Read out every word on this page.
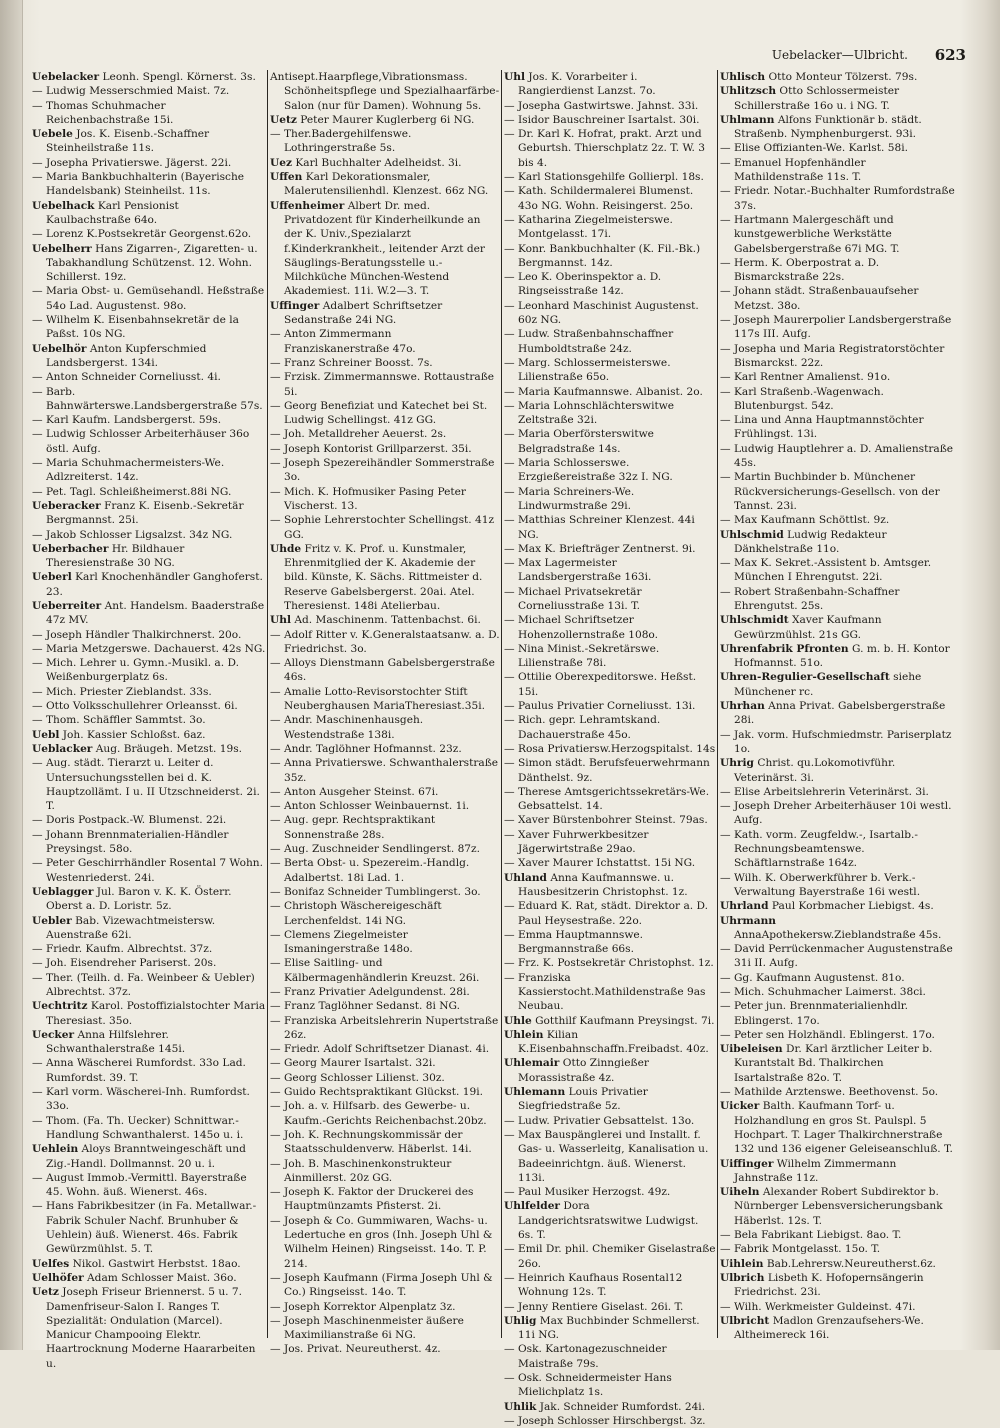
Uebelacker—Ulbricht. 623

Uebelacker Leonh. Spengl. Körnerst. 3s.

— Ludwig Messerschmied Maist. 7z.

— Thomas Schuhmacher Reichenbachstraße 15i.

Uebele Jos. K. Eisenb.-Schaffner Steinheilstraße 11s.

— Josepha Privatierswe. Jägerst. 22i.

— Maria Bankbuchhalterin (Bayerische Handelsbank) Steinheilst. 11s.

Uebelhack Karl Pensionist Kaulbachstraße 64o.

— Lorenz K.Postsekretär Georgenst.62o.

Uebelherr Hans Zigarren-, Zigaretten- u. Tabakhandlung Schützenst. 12. Wohn. Schillerst. 19z.

— Maria Obst- u. Gemüsehandl. Heßstraße 54o Lad. Augustenst. 98o.

— Wilhelm K. Eisenbahnsekretär de la Paßst. 10s NG.

Uebelhör Anton Kupferschmied Landsbergerst. 134i.

— Anton Schneider Corneliusst. 4i.

— Barb. Bahnwärterswe.Landsbergerstraße 57s.

— Karl Kaufm. Landsbergerst. 59s.

— Ludwig Schlosser Arbeiterhäuser 36o östl. Aufg.

— Maria Schuhmachermeisters-We. Adlzreiterst. 14z.

— Pet. Tagl. Schleißheimerst.88i NG.

Ueberacker Franz K. Eisenb.-Sekretär Bergmannst. 25i.

— Jakob Schlosser Ligsalzst. 34z NG.

Ueberbacher Hr. Bildhauer Theresienstraße 30 NG.

Ueberl Karl Knochenhändler Ganghoferst. 23.

Ueberreiter Ant. Handelsm. Baaderstraße 47z MV.

— Joseph Händler Thalkirchnerst. 20o.

— Maria Metzgerswe. Dachauerst. 42s NG.

— Mich. Lehrer u. Gymn.-Musikl. a. D. Weißenburgerplatz 6s.

— Mich. Priester Zieblandst. 33s.

— Otto Volksschullehrer Orleansst. 6i.

— Thom. Schäffler Sammtst. 3o.

Uebl Joh. Kassier Schloßst. 6az.

Ueblacker Aug. Bräugeh. Metzst. 19s.

— Aug. städt. Tierarzt u. Leiter d. Untersuchungsstellen bei d. K. Hauptzollämt. I u. II Utzschneiderst. 2i. T.

— Doris Postpack.-W. Blumenst. 22i.

— Johann Brennmaterialien-Händler Preysingst. 58o.

— Peter Geschirrhändler Rosental 7 Wohn. Westenriederst. 24i.

Ueblagger Jul. Baron v. K. K. Österr. Oberst a. D. Loristr. 5z.

Uebler Bab. Vizewachtmeistersw. Auenstraße 62i.

— Friedr. Kaufm. Albrechtst. 37z.

— Joh. Eisendreher Pariserst. 20s.

— Ther. (Teilh. d. Fa. Weinbeer & Uebler) Albrechtst. 37z.

Uechtritz Karol. Postoffizialstochter Maria Theresiast. 35o.

Uecker Anna Hilfslehrer. Schwanthalerstraße 145i.

— Anna Wäscherei Rumfordst. 33o Lad. Rumfordst. 39. T.

— Karl vorm. Wäscherei-Inh. Rumfordst. 33o.

— Thom. (Fa. Th. Uecker) Schnittwar.-Handlung Schwanthalerst. 145o u. i.

Uehlein Aloys Branntweingeschäft und Zig.-Handl. Dollmannst. 20 u. i.

— August Immob.-Vermittl. Bayerstraße 45. Wohn. äuß. Wienerst. 46s.

— Hans Fabrikbesitzer (in Fa. Metallwar.-Fabrik Schuler Nachf. Brunhuber & Uehlein) äuß. Wienerst. 46s. Fabrik Gewürzmühlst. 5. T.

Uelfes Nikol. Gastwirt Herbstst. 18ao.

Uelhöfer Adam Schlosser Maist. 36o.

Uetz Joseph Friseur Briennerst. 5 u. 7. Damenfriseur-Salon I. Ranges T. Spezialität: Ondulation (Marcel). Manicur Champooing Elektr. Haartrocknung Moderne Haararbeiten u.

Antisept.Haarpflege,Vibrationsmass. Schönheitspflege und Spezialhaarfärbe-Salon (nur für Damen). Wohnung 5s.

Uetz Peter Maurer Kuglerberg 6i NG.

— Ther.Badergehilfenswe. Lothringerstraße 5s.

Uez Karl Buchhalter Adelheidst. 3i.

Uffen Karl Dekorationsmaler, Malerutensilienhdl. Klenzest. 66z NG.

Uffenheimer Albert Dr. med. Privatdozent für Kinderheilkunde an der K. Univ.,Spezialarzt f.Kinderkrankheit., leitender Arzt der Säuglings-Beratungsstelle u.-Milchküche München-Westend Akademiest. 11i. W.2—3. T.

Uffinger Adalbert Schriftsetzer Sedanstraße 24i NG.

— Anton Zimmermann Franziskanerstraße 47o.

— Franz Schreiner Boosst. 7s.

— Frzisk. Zimmermannswe. Rottaustraße 5i.

— Georg Benefiziat und Katechet bei St. Ludwig Schellingst. 41z GG.

— Joh. Metalldreher Aeuerst. 2s.

— Joseph Kontorist Grillparzerst. 35i.

— Joseph Spezereihändler Sommerstraße 3o.

— Mich. K. Hofmusiker Pasing Peter Vischerst. 13.

— Sophie Lehrerstochter Schellingst. 41z GG.

Uhde Fritz v. K. Prof. u. Kunstmaler, Ehrenmitglied der K. Akademie der bild. Künste, K. Sächs. Rittmeister d. Reserve Gabelsbergerst. 20ai. Atel. Theresienst. 148i Atelierbau.

Uhl Ad. Maschinenm. Tattenbachst. 6i.

— Adolf Ritter v. K.Generalstaatsanw. a. D. Friedrichst. 3o.

— Alloys Dienstmann Gabelsbergerstraße 46s.

— Amalie Lotto-Revisorstochter Stift Neuberghausen MariaTheresiast.35i.

— Andr. Maschinenhausgeh. Westendstraße 138i.

— Andr. Taglöhner Hofmannst. 23z.

— Anna Privatierswe. Schwanthalerstraße 35z.

— Anton Ausgeher Steinst. 67i.

— Anton Schlosser Weinbauernst. 1i.

— Aug. gepr. Rechtspraktikant Sonnenstraße 28s.

— Aug. Zuschneider Sendlingerst. 87z.

— Berta Obst- u. Spezereim.-Handlg. Adalbertst. 18i Lad. 1.

— Bonifaz Schneider Tumblingerst. 3o.

— Christoph Wäschereigeschäft Lerchenfeldst. 14i NG.

— Clemens Ziegelmeister Ismaningerstraße 148o.

— Elise Saitling- und Kälbermagenhändlerin Kreuzst. 26i.

— Franz Privatier Adelgundenst. 28i.

— Franz Taglöhner Sedanst. 8i NG.

— Franziska Arbeitslehrerin Nupertstraße 26z.

— Friedr. Adolf Schriftsetzer Dianast. 4i.

— Georg Maurer Isartalst. 32i.

— Georg Schlosser Lilienst. 30z.

— Guido Rechtspraktikant Glückst. 19i.

— Joh. a. v. Hilfsarb. des Gewerbe- u. Kaufm.-Gerichts Reichenbachst.20bz.

— Joh. K. Rechnungskommissär der Staatsschuldenverw. Häberlst. 14i.

— Joh. B. Maschinenkonstrukteur Ainmillerst. 20z GG.

— Joseph K. Faktor der Druckerei des Hauptmünzamts Pfisterst. 2i.

— Joseph & Co. Gummiwaren, Wachs- u. Ledertuche en gros (Inh. Joseph Uhl & Wilhelm Heinen) Ringseisst. 14o. T. P. 214.

— Joseph Kaufmann (Firma Joseph Uhl & Co.) Ringseisst. 14o. T.

— Joseph Korrektor Alpenplatz 3z.

— Joseph Maschinenmeister äußere Maximilianstraße 6i NG.

— Jos. Privat. Neureutherst. 4z.

Uhl Jos. K. Vorarbeiter i. Rangierdienst Lanzst. 7o.

— Josepha Gastwirtswe. Jahnst. 33i.

— Isidor Bauschreiner Isartalst. 30i.

— Dr. Karl K. Hofrat, prakt. Arzt und Geburtsh. Thierschplatz 2z. T. W. 3 bis 4.

— Karl Stationsgehilfe Gollierpl. 18s.

— Kath. Schildermalerei Blumenst. 43o NG. Wohn. Reisingerst. 25o.

— Katharina Ziegelmeisterswe. Montgelasst. 17i.

— Konr. Bankbuchhalter (K. Fil.-Bk.) Bergmannst. 14z.

— Leo K. Oberinspektor a. D. Ringseisstraße 14z.

— Leonhard Maschinist Augustenst. 60z NG.

— Ludw. Straßenbahnschaffner Humboldtstraße 24z.

— Marg. Schlossermeisterswe. Lilienstraße 65o.

— Maria Kaufmannswe. Albanist. 2o.

— Maria Lohnschlächterswitwe Zeltstraße 32i.

— Maria Oberförsterswitwe Belgradstraße 14s.

— Maria Schlosserswe. Erzgießereistraße 32z I. NG.

— Maria Schreiners-We. Lindwurmstraße 29i.

— Matthias Schreiner Klenzest. 44i NG.

— Max K. Briefträger Zentnerst. 9i.

— Max Lagermeister Landsbergerstraße 163i.

— Michael Privatsekretär Corneliusstraße 13i. T.

— Michael Schriftsetzer Hohenzollernstraße 108o.

— Nina Minist.-Sekretärswe. Lilienstraße 78i.

— Ottilie Oberexpeditorswe. Heßst. 15i.

— Paulus Privatier Corneliusst. 13i.

— Rich. gepr. Lehramtskand. Dachauerstraße 45o.

— Rosa Privatiersw.Herzogspitalst. 14s

— Simon städt. Berufsfeuerwehrmann Dänthelst. 9z.

— Therese Amtsgerichtssekretärs-We. Gebsattelst. 14.

— Xaver Bürstenbohrer Steinst. 79as.

— Xaver Fuhrwerkbesitzer Jägerwirtstraße 29ao.

— Xaver Maurer Ichstattst. 15i NG.

Uhland Anna Kaufmannswe. u. Hausbesitzerin Christophst. 1z.

— Eduard K. Rat, städt. Direktor a. D. Paul Heysestraße. 22o.

— Emma Hauptmannswe. Bergmannstraße 66s.

— Frz. K. Postsekretär Christophst. 1z.

— Franziska Kassierstocht.Mathildenstraße 9as Neubau.

Uhle Gotthilf Kaufmann Preysingst. 7i.

Uhlein Kilian K.Eisenbahnschaffn.Freibadst. 40z.

Uhlemair Otto Zinngießer Morassistraße 4z.

Uhlemann Louis Privatier Siegfriedstraße 5z.

— Ludw. Privatier Gebsattelst. 13o.

— Max Bauspänglerei und Installt. f. Gas- u. Wasserleitg, Kanalisation u. Badeeinrichtgn. äuß. Wienerst. 113i.

— Paul Musiker Herzogst. 49z.

Uhlfelder Dora Landgerichtsratswitwe Ludwigst. 6s. T.

— Emil Dr. phil. Chemiker Giselastraße 26o.

— Heinrich Kaufhaus Rosental12 Wohnung 12s. T.

— Jenny Rentiere Giselast. 26i. T.

Uhlig Max Buchbinder Schmellerst. 11i NG.

— Osk. Kartonagezuschneider Maistraße 79s.

— Osk. Schneidermeister Hans Mielichplatz 1s.

Uhlik Jak. Schneider Rumfordst. 24i.

— Joseph Schlosser Hirschbergst. 3z.

Uhlisch Otto Monteur Tölzerst. 79s.

Uhlitzsch Otto Schlossermeister Schillerstraße 16o u. i NG. T.

Uhlmann Alfons Funktionär b. städt. Straßenb. Nymphenburgerst. 93i.

— Elise Offizianten-We. Karlst. 58i.

— Emanuel Hopfenhändler Mathildenstraße 11s. T.

— Friedr. Notar.-Buchhalter Rumfordstraße 37s.

— Hartmann Malergeschäft und kunstgewerbliche Werkstätte Gabelsbergerstraße 67i MG. T.

— Herm. K. Oberpostrat a. D. Bismarckstraße 22s.

— Johann städt. Straßenbauaufseher Metzst. 38o.

— Joseph Maurerpolier Landsbergerstraße 117s III. Aufg.

— Josepha und Maria Registratorstöchter Bismarckst. 22z.

— Karl Rentner Amalienst. 91o.

— Karl Straßenb.-Wagenwach. Blutenburgst. 54z.

— Lina und Anna Hauptmannstöchter Frühlingst. 13i.

— Ludwig Hauptlehrer a. D. Amalienstraße 45s.

— Martin Buchbinder b. Münchener Rückversicherungs-Gesellsch. von der Tannst. 23i.

— Max Kaufmann Schöttlst. 9z.

Uhlschmid Ludwig Redakteur Dänkhelstraße 11o.

— Max K. Sekret.-Assistent b. Amtsger. München I Ehrengutst. 22i.

— Robert Straßenbahn-Schaffner Ehrengutst. 25s.

Uhlschmidt Xaver Kaufmann Gewürzmühlst. 21s GG.

Uhrenfabrik Pfronten G. m. b. H. Kontor Hofmannst. 51o.

Uhren-Regulier-Gesellschaft siehe Münchener rc.

Uhrhan Anna Privat. Gabelsbergerstraße 28i.

— Jak. vorm. Hufschmiedmstr. Pariserplatz 1o.

Uhrig Christ. qu.Lokomotivführ. Veterinärst. 3i.

— Elise Arbeitslehrerin Veterinärst. 3i.

— Joseph Dreher Arbeiterhäuser 10i westl. Aufg.

— Kath. vorm. Zeugfeldw.-, Isartalb.-Rechnungsbeamtenswe. Schäftlarnstraße 164z.

— Wilh. K. Oberwerkführer b. Verk.-Verwaltung Bayerstraße 16i westl.

Uhrland Paul Korbmacher Liebigst. 4s.

Uhrmann AnnaApothekersw.Zieblandstraße 45s.

— David Perrückenmacher Augustenstraße 31i II. Aufg.

— Gg. Kaufmann Augustenst. 81o.

— Mich. Schuhmacher Laimerst. 38ci.

— Peter jun. Brennmaterialienhdlr. Eblingerst. 17o.

— Peter sen Holzhändl. Eblingerst. 17o.

Uibeleisen Dr. Karl ärztlicher Leiter b. Kurantstalt Bd. Thalkirchen Isartalstraße 82o. T.

— Mathilde Arztenswe. Beethovenst. 5o.

Uicker Balth. Kaufmann Torf- u. Holzhandlung en gros St. Paulspl. 5 Hochpart. T. Lager Thalkirchnerstraße 132 und 136 eigener Geleiseanschluß. T.

Uiffinger Wilhelm Zimmermann Jahnstraße 11z.

Uiheln Alexander Robert Subdirektor b. Nürnberger Lebensversicherungsbank Häberlst. 12s. T.

— Bela Fabrikant Liebigst. 8ao. T.

— Fabrik Montgelasst. 15o. T.

Uihlein Bab.Lehrersw.Neureutherst.6z.

Ulbrich Lisbeth K. Hofopernsängerin Friedrichst. 23i.

— Wilh. Werkmeister Guldeinst. 47i.

Ulbricht Madlon Grenzaufsehers-We. Altheimereck 16i.
